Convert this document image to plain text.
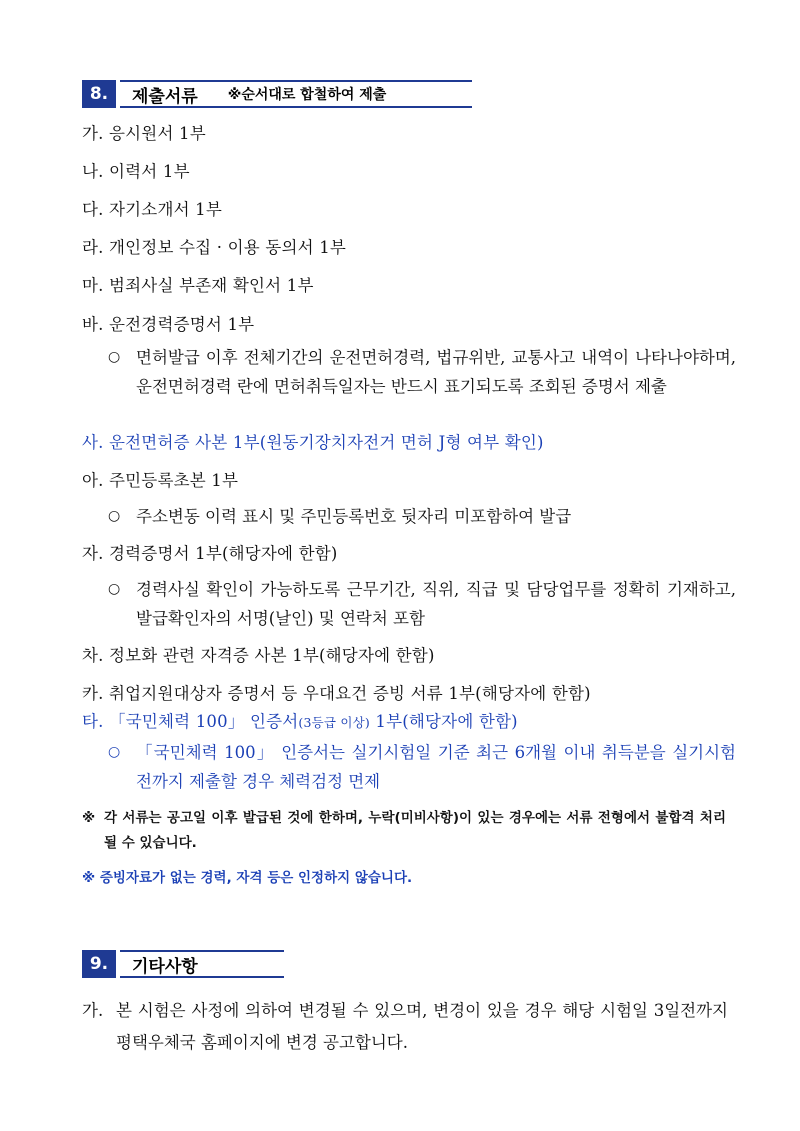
8.	제출서류 ※순서대로 합철하여 제출
가. 응시원서 1부
나. 이력서 1부
다. 자기소개서 1부
라. 개인정보 수집 · 이용 동의서 1부
마. 범죄사실 부존재 확인서 1부
바. 운전경력증명서 1부
○ 면허발급 이후 전체기간의 운전면허경력, 법규위반, 교통사고 내역이 나타나야하며, 운전면허경력 란에 면허취득일자는 반드시 표기되도록 조회된 증명서 제출
사. 운전면허증 사본 1부(원동기장치자전거 면허 J형 여부 확인)
아. 주민등록초본 1부
○ 주소변동 이력 표시 및 주민등록번호 뒷자리 미포함하여 발급
자. 경력증명서 1부(해당자에 한함)
○ 경력사실 확인이 가능하도록 근무기간, 직위, 직급 및 담당업무를 정확히 기재하고, 발급확인자의 서명(날인) 및 연락처 포함
차. 정보화 관련 자격증 사본 1부(해당자에 한함)
카. 취업지원대상자 증명서 등 우대요건 증빙 서류 1부(해당자에 한함)
타. 「국민체력 100」 인증서(3등급 이상) 1부(해당자에 한함)
○ 「국민체력 100」 인증서는 실기시험일 기준 최근 6개월 이내 취득분을 실기시험 전까지 제출할 경우 체력검정 면제
※ 각 서류는 공고일 이후 발급된 것에 한하며, 누락(미비사항)이 있는 경우에는 서류 전형에서 불합격 처리될 수 있습니다.
※ 증빙자료가 없는 경력, 자격 등은 인정하지 않습니다.
9.	기타사항
가. 본 시험은 사정에 의하여 변경될 수 있으며, 변경이 있을 경우 해당 시험일 3일전까지 평택우체국 홈페이지에 변경 공고합니다.
